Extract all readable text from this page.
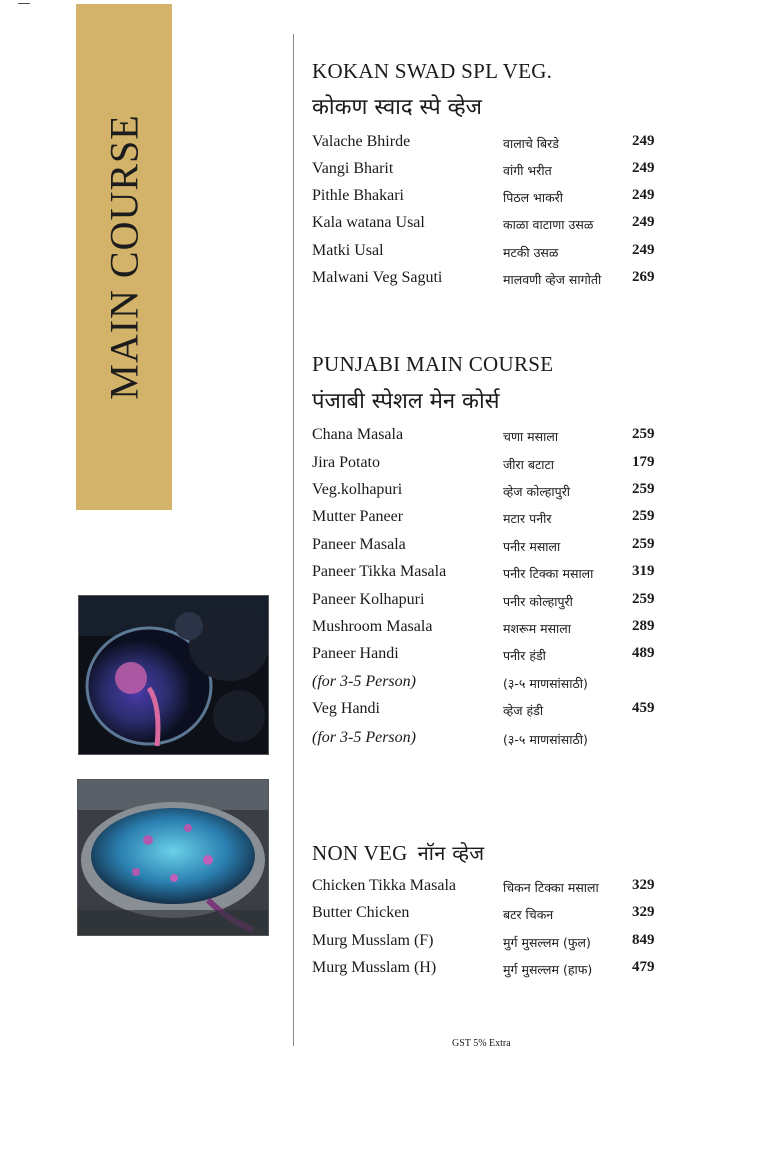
MAIN COURSE
KOKAN SWAD SPL VEG.
कोकण स्वाद स्पे व्हेज
Valache Bhirde	वालाचे बिरडे	249
Vangi Bharit	वांगी भरीत	249
Pithle Bhakari	पिठल भाकरी	249
Kala watana Usal	काळा वाटाणा उसळ	249
Matki Usal	मटकी उसळ	249
Malwani Veg Saguti	मालवणी व्हेज सागोती 269
PUNJABI MAIN COURSE
पंजाबी स्पेशल मेन कोर्स
Chana Masala	चणा मसाला	259
Jira Potato	जीरा बटाटा	179
Veg.kolhapuri	व्हेज कोल्हापुरी	259
Mutter Paneer	मटार पनीर	259
Paneer Masala	पनीर मसाला	259
Paneer Tikka Masala	पनीर टिक्का मसाला	319
Paneer Kolhapuri	पनीर कोल्हापुरी	259
Mushroom Masala	मशरूम मसाला	289
Paneer Handi	पनीर हंडी	489
(for 3-5 Person)	(३-५ माणसांसाठी)
Veg Handi	व्हेज हंडी	459
(for 3-5 Person)	(३-५ माणसांसाठी)
NON VEG नॉन व्हेज
Chicken Tikka Masala	चिकन टिक्का मसाला 329
Butter Chicken	बटर चिकन	329
Murg Musslam (F)	मुर्ग मुसल्लम (फुल)	849
Murg Musslam (H)	मुर्ग मुसल्लम (हाफ)	479
GST 5% Extra
